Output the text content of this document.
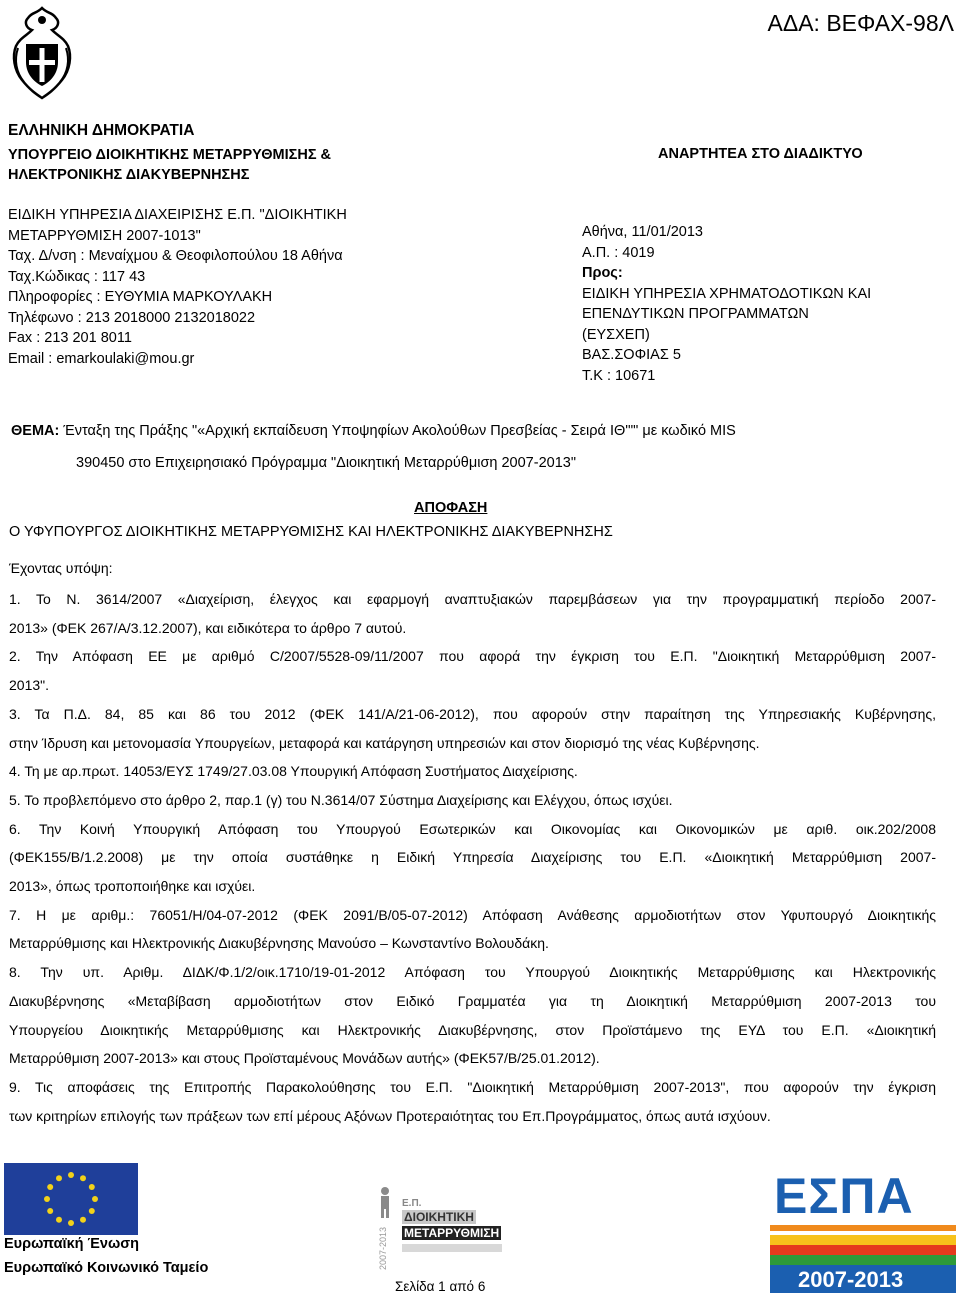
ΑΔΑ: ΒΕΦΑΧ-98Λ
ΕΛΛΗΝΙΚΗ ΔΗΜΟΚΡΑΤΙΑ
ΥΠΟΥΡΓΕΙΟ ΔΙΟΙΚΗΤΙΚΗΣ ΜΕΤΑΡΡΥΘΜΙΣΗΣ &
ΗΛΕΚΤΡΟΝΙΚΗΣ ΔΙΑΚΥΒΕΡΝΗΣΗΣ
ΑΝΑΡΤΗΤΕΑ ΣΤΟ ΔΙΑΔΙΚΤΥΟ
ΕΙΔΙΚΗ ΥΠΗΡΕΣΙΑ ΔΙΑΧΕΙΡΙΣΗΣ Ε.Π. "ΔΙΟΙΚΗΤΙΚΗ
ΜΕΤΑΡΡΥΘΜΙΣΗ 2007-1013"
Ταχ. Δ/νση : Μεναίχμου & Θεοφιλοπούλου 18 Αθήνα
Ταχ.Κώδικας : 117 43
Πληροφορίες : ΕΥΘΥΜΙΑ ΜΑΡΚΟΥΛΑΚΗ
Τηλέφωνο : 213 2018000 2132018022
Fax : 213 201 8011
Email : emarkoulaki@mou.gr
Αθήνα, 11/01/2013
Α.Π. : 4019
Προς:
ΕΙΔΙΚΗ ΥΠΗΡΕΣΙΑ ΧΡΗΜΑΤΟΔΟΤΙΚΩΝ ΚΑΙ
ΕΠΕΝΔΥΤΙΚΩΝ ΠΡΟΓΡΑΜΜΑΤΩΝ
(ΕΥΣΧΕΠ)
ΒΑΣ.ΣΟΦΙΑΣ 5
Τ.Κ : 10671
ΘΕΜΑ: Ένταξη της Πράξης "«Αρχική εκπαίδευση Υποψηφίων Ακολούθων Πρεσβείας - Σειρά ΙΘ'"" με κωδικό MIS
390450 στο Επιχειρησιακό Πρόγραμμα "Διοικητική Μεταρρύθμιση 2007-2013"
ΑΠΟΦΑΣΗ
Ο ΥΦΥΠΟΥΡΓΟΣ ΔΙΟΙΚΗΤΙΚΗΣ ΜΕΤΑΡΡΥΘΜΙΣΗΣ ΚΑΙ ΗΛΕΚΤΡΟΝΙΚΗΣ ΔΙΑΚΥΒΕΡΝΗΣΗΣ
Έχοντας υπόψη:
1. Το Ν. 3614/2007 «Διαχείριση, έλεγχος και εφαρμογή αναπτυξιακών παρεμβάσεων για την προγραμματική περίοδο 2007-
2013» (ΦΕΚ 267/Α/3.12.2007), και ειδικότερα το άρθρο 7 αυτού.
2. Την Απόφαση ΕΕ με αριθμό C/2007/5528-09/11/2007 που αφορά την έγκριση του Ε.Π. "Διοικητική Μεταρρύθμιση 2007-
2013".
3. Τα Π.Δ. 84, 85 και 86 του 2012 (ΦΕΚ 141/Α/21-06-2012), που αφορούν στην παραίτηση της Υπηρεσιακής Κυβέρνησης,
στην Ίδρυση και μετονομασία Υπουργείων, μεταφορά και κατάργηση υπηρεσιών και στον διορισμό της νέας Κυβέρνησης.
4. Τη με αρ.πρωτ. 14053/ΕΥΣ 1749/27.03.08 Υπουργική Απόφαση Συστήματος Διαχείρισης.
5. Το προβλεπόμενο στο άρθρο 2, παρ.1 (γ) του Ν.3614/07 Σύστημα Διαχείρισης και Ελέγχου, όπως ισχύει.
6. Την Κοινή Υπουργική Απόφαση του Υπουργού Εσωτερικών και Οικονομίας και Οικονομικών με αριθ. οικ.202/2008
(ΦΕΚ155/Β/1.2.2008) με την οποία συστάθηκε η Ειδική Υπηρεσία Διαχείρισης του Ε.Π. «Διοικητική Μεταρρύθμιση 2007-
2013», όπως τροποποιήθηκε και ισχύει.
7. Η με αριθμ.: 76051/Η/04-07-2012 (ΦΕΚ 2091/Β/05-07-2012) Απόφαση Ανάθεσης αρμοδιοτήτων στον Υφυπουργό Διοικητικής
Μεταρρύθμισης και Ηλεκτρονικής Διακυβέρνησης Μανούσο – Κωνσταντίνο Βολουδάκη.
8. Την υπ. Αριθμ. ΔΙΔΚ/Φ.1/2/οικ.1710/19-01-2012 Απόφαση του Υπουργού Διοικητικής Μεταρρύθμισης και Ηλεκτρονικής
Διακυβέρνησης «Μεταβίβαση αρμοδιοτήτων στον Ειδικό Γραμματέα για τη Διοικητική Μεταρρύθμιση 2007-2013 του
Υπουργείου Διοικητικής Μεταρρύθμισης και Ηλεκτρονικής Διακυβέρνησης, στον Προϊστάμενο της ΕΥΔ του Ε.Π. «Διοικητική
Μεταρρύθμιση 2007-2013» και στους Προϊσταμένους Μονάδων αυτής» (ΦΕΚ57/Β/25.01.2012).
9. Τις αποφάσεις της Επιτροπής Παρακολούθησης του Ε.Π. "Διοικητική Μεταρρύθμιση 2007-2013", που αφορούν την έγκριση
των κριτηρίων επιλογής των πράξεων των επί μέρους Αξόνων Προτεραιότητας του Επ.Προγράμματος, όπως αυτά ισχύουν.
Ευρωπαϊκή Ένωση
Ευρωπαϊκό Κοινωνικό Ταμείο	2007-2013
Ε.Π.
ΔΙΟΙΚΗΤΙΚΗ
ΜΕΤΑΡΡΥΘΜΙΣΗ
Σελίδα 1 από 6
ΕΣΠΑ
2007-2013
